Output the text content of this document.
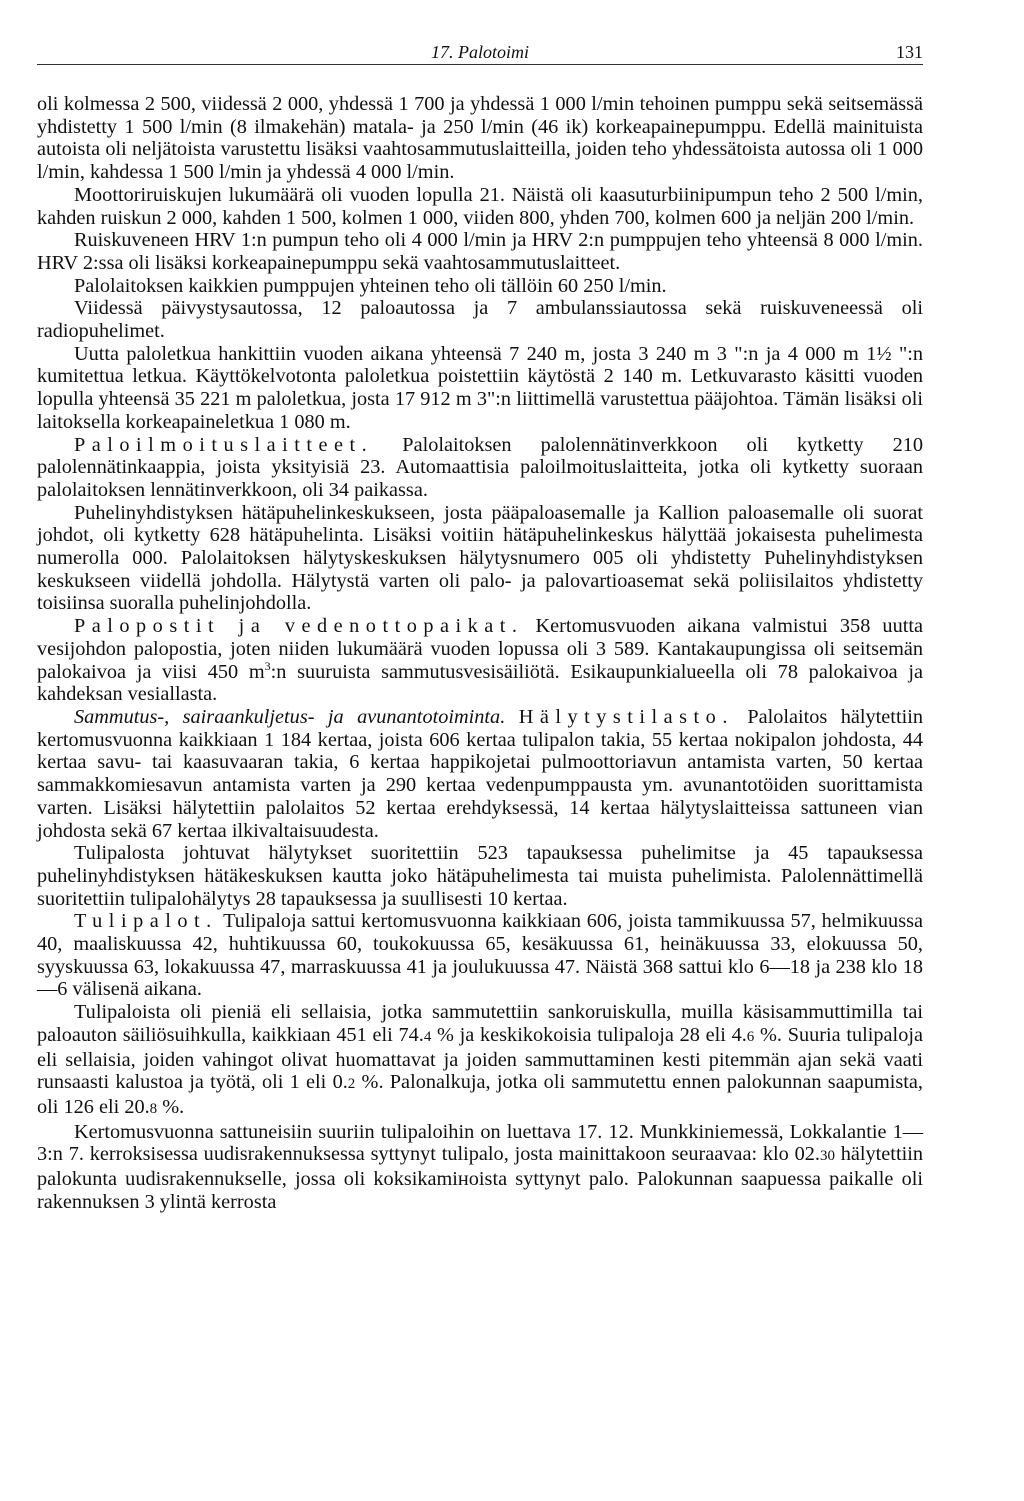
17. Palotoimi	131

oli kolmessa 2 500, viidessä 2 000, yhdessä 1 700 ja yhdessä 1 000 l/min tehoinen pumppu sekä seitsemässä yhdistetty 1 500 l/min (8 ilmakehän) matala- ja 250 l/min (46 ik) korkeapainepumppu. Edellä mainituista autoista oli neljätoista varustettu lisäksi vaahtosammutuslaitteilla, joiden teho yhdessätoista autossa oli 1 000 l/min, kahdessa 1 500 l/min ja yhdessä 4 000 l/min.

Moottoriruiskujen lukumäärä oli vuoden lopulla 21. Näistä oli kaasuturbiinipumpun teho 2 500 l/min, kahden ruiskun 2 000, kahden 1 500, kolmen 1 000, viiden 800, yhden 700, kolmen 600 ja neljän 200 l/min.

Ruiskuveneen HRV 1:n pumpun teho oli 4 000 l/min ja HRV 2:n pumppujen teho yhteensä 8 000 l/min. HRV 2:ssa oli lisäksi korkeapainepumppu sekä vaahtosammutuslaitteet.

Palolaitoksen kaikkien pumppujen yhteinen teho oli tällöin 60 250 l/min.

Viidessä päivystysautossa, 12 paloautossa ja 7 ambulanssiautossa sekä ruiskuveneessä oli radiopuhelimet.

Uutta paloletkua hankittiin vuoden aikana yhteensä 7 240 m, josta 3 240 m 3 ":n ja 4 000 m 1½ ":n kumitettua letkua. Käyttökelvotonta paloletkua poistettiin käytöstä 2 140 m. Letkuvarasto käsitti vuoden lopulla yhteensä 35 221 m paloletkua, josta 17 912 m 3":n liittimellä varustettua pääjohtoa. Tämän lisäksi oli laitoksella korkeapaineletkua 1 080 m.

Paloilmoituslaitteet. Palolaitoksen palolennätinverkkoon oli kytketty 210 palolennätinkaappia, joista yksityisiä 23. Automaattisia paloilmoituslaitteita, jotka oli kytketty suoraan palolaitoksen lennätinverkkoon, oli 34 paikassa.

Puhelinyhdistyksen hätäpuhelinkeskukseen, josta pääpaloasemalle ja Kallion paloasemalle oli suorat johdot, oli kytketty 628 hätäpuhelinta. Lisäksi voitiin hätäpuhelinkeskus hälyttää jokaisesta puhelimesta numerolla 000. Palolaitoksen hälytyskeskuksen hälytysnumero 005 oli yhdistetty Puhelinyhdistyksen keskukseen viidellä johdolla. Hälytystä varten oli palo- ja palovartioasemat sekä poliisilaitos yhdistetty toisiinsa suoralla puhelinjohdolla.

Palopostit ja vedenottopaikat. Kertomusvuoden aikana valmistui 358 uutta vesijohdon palopostia, joten niiden lukumäärä vuoden lopussa oli 3 589. Kantakaupungissa oli seitsemän palokaivoa ja viisi 450 $m^3:n$ suuruista sammutusvesisäiliötä. Esikaupunkialueella oli 78 palokaivoa ja kahdeksan vesiallasta.

Sammutus-, sairaankuljetus- ja avunantotoiminta. Hälytystilasto. Palolaitos hälytettiin kertomusvuonna kaikkiaan 1 184 kertaa, joista 606 kertaa tulipalon takia, 55 kertaa nokipalon johdosta, 44 kertaa savu- tai kaasuvaaran takia, 6 kertaa happikojetai pulmoottoriavun antamista varten, 50 kertaa sammakkomiesavun antamista varten ja 290 kertaa vedenpumppausta ym. avunantotöiden suorittamista varten. Lisäksi hälytettiin palolaitos 52 kertaa erehdyksessä, 14 kertaa hälytyslaitteissa sattuneen vian johdosta sekä 67 kertaa ilkivaltaisuudesta.

Tulipalosta johtuvat hälytykset suoritettiin 523 tapauksessa puhelimitse ja 45 tapauksessa puhelinyhdistyksen hätäkeskuksen kautta joko hätäpuhelimesta tai muista puhelimista. Palolennättimellä suoritettiin tulipalohälytys 28 tapauksessa ja suullisesti 10 kertaa.

Tulipalot. Tulipaloja sattui kertomusvuonna kaikkiaan 606, joista tammikuussa 57, helmikuussa 40, maaliskuussa 42, huhtikuussa 60, toukokuussa 65, kesäkuussa 61, heinäkuussa 33, elokuussa 50, syyskuussa 63, lokakuussa 47, marraskuussa 41 ja joulukuussa 47. Näistä 368 sattui klo 6—18 ja 238 klo 18—6 välisenä aikana.

Tulipaloista oli pieniä eli sellaisia, jotka sammutettiin sankoruiskulla, muilla käsisammuttimilla tai paloauton säiliösuihkulla, kaikkiaan 451 eli 74.4 % ja keskikokoisia tulipaloja 28 eli 4.6 %. Suuria tulipaloja eli sellaisia, joiden vahingot olivat huomattavat ja joiden sammuttaminen kesti pitemmän ajan sekä vaati runsaasti kalustoa ja työtä, oli 1 eli 0.2 %. Palonalkuja, jotka oli sammutettu ennen palokunnan saapumista, oli 126 eli 20.8 %.

Kertomusvuonna sattuneisiin suuriin tulipaloihin on luettava 17. 12. Munkkiniemessä, Lokkalantie 1—3:n 7. kerroksisessa uudisrakennuksessa syttynyt tulipalo, josta mainittakoon seuraavaa: klo 02.30 hälytettiin palokunta uudisrakennukselle, jossa oli koksikamінoista syttynyt palo. Palokunnan saapuessa paikalle oli rakennuksen 3 ylintä kerrosta
